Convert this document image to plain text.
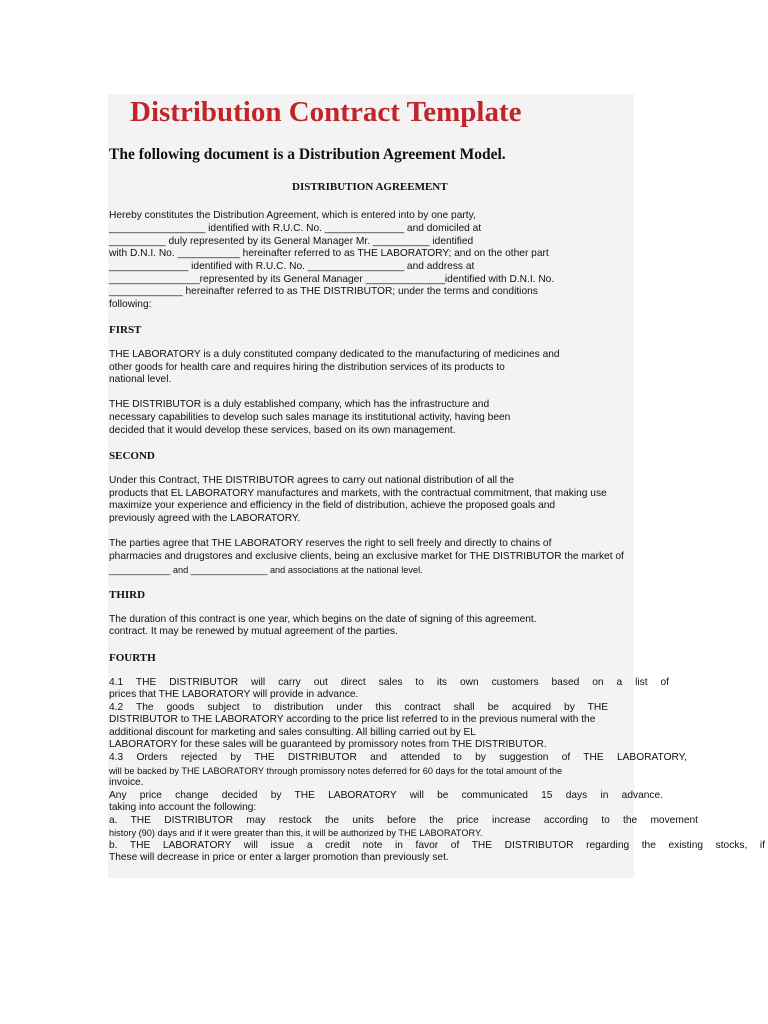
Distribution Contract Template
The following document is a Distribution Agreement Model.
DISTRIBUTION AGREEMENT
Hereby constitutes the Distribution Agreement, which is entered into by one party,
_________________ identified with R.U.C. No. ______________ and domiciled at
__________ duly represented by its General Manager Mr. __________ identified
with D.N.I. No. ___________ hereinafter referred to as THE LABORATORY; and on the other part
______________ identified with R.U.C. No. _________________ and address at
________________represented by its General Manager ______________identified with D.N.I. No.
_____________ hereinafter referred to as THE DISTRIBUTOR; under the terms and conditions
following:
FIRST
THE LABORATORY is a duly constituted company dedicated to the manufacturing of medicines and
other goods for health care and requires hiring the distribution services of its products to
national level.
THE DISTRIBUTOR is a duly established company, which has the infrastructure and
necessary capabilities to develop such sales manage its institutional activity, having been
decided that it would develop these services, based on its own management.
SECOND
Under this Contract, THE DISTRIBUTOR agrees to carry out national distribution of all the
products that EL LABORATORY manufactures and markets, with the contractual commitment, that making use
maximize your experience and efficiency in the field of distribution, achieve the proposed goals and
previously agreed with the LABORATORY.
The parties agree that THE LABORATORY reserves the right to sell freely and directly to chains of
pharmacies and drugstores and exclusive clients, being an exclusive market for THE DISTRIBUTOR the market of
____________ and _______________ and associations at the national level.
THIRD
The duration of this contract is one year, which begins on the date of signing of this agreement.
contract. It may be renewed by mutual agreement of the parties.
FOURTH
4.1 THE DISTRIBUTOR will carry out direct sales to its own customers based on a list of
prices that THE LABORATORY will provide in advance.
4.2 The goods subject to distribution under this contract shall be acquired by THE
DISTRIBUTOR to THE LABORATORY according to the price list referred to in the previous numeral with the
additional discount for marketing and sales consulting. All billing carried out by EL
LABORATORY for these sales will be guaranteed by promissory notes from THE DISTRIBUTOR.
4.3 Orders rejected by THE DISTRIBUTOR and attended to by suggestion of THE LABORATORY,
will be backed by THE LABORATORY through promissory notes deferred for 60 days for the total amount of the
invoice.
Any price change decided by THE LABORATORY will be communicated 15 days in advance.
taking into account the following:
a. THE DISTRIBUTOR may restock the units before the price increase according to the movement
history (90) days and if it were greater than this, it will be authorized by THE LABORATORY.
b. THE LABORATORY will issue a credit note in favor of THE DISTRIBUTOR regarding the existing stocks, if
These will decrease in price or enter a larger promotion than previously set.
